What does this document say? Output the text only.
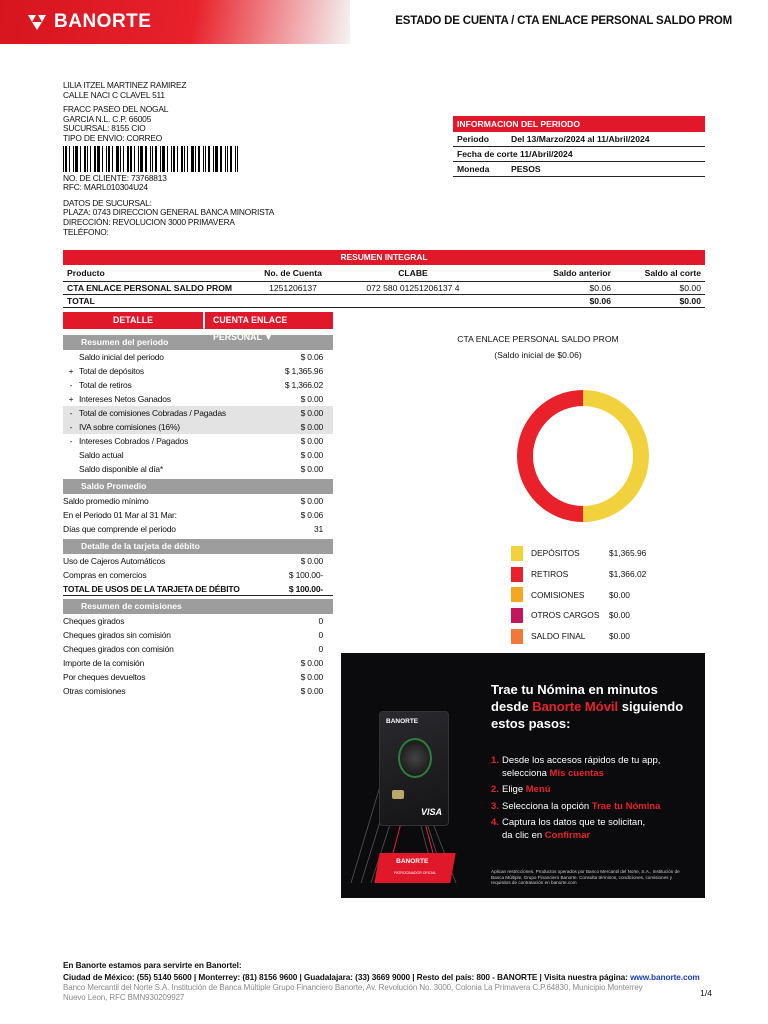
BANORTE	ESTADO DE CUENTA / CTA ENLACE PERSONAL SALDO PROM
LILIA ITZEL MARTINEZ RAMIREZ
CALLE NACI C CLAVEL 511
FRACC PASEO DEL NOGAL
GARCIA N.L. C.P. 66005
SUCURSAL: 8155 CIO
TIPO DE ENVIO: CORREO
NO. DE CLIENTE: 73768813
RFC: MARL010304U24
DATOS DE SUCURSAL:
PLAZA: 0743 DIRECCION GENERAL BANCA MINORISTA
DIRECCIÓN: REVOLUCION 3000 PRIMAVERA
TELÉFONO:
INFORMACION DEL PERIODO
Periodo	Del 13/Marzo/2024 al 11/Abril/2024
Fecha de corte 11/Abril/2024
Moneda	PESOS
RESUMEN INTEGRAL
Producto	No. de Cuenta	CLABE	Saldo anterior	Saldo al corte
CTA ENLACE PERSONAL SALDO PROM	1251206137	072 580 01251206137 4	$0.06	$0.00
TOTAL			$0.06	$0.00
DETALLE	CUENTA ENLACE PERSONAL ▼
Resumen del periodo
Saldo inicial del periodo	$ 0.06
+ Total de depósitos	$ 1,365.96
- Total de retiros	$ 1,366.02
+ Intereses Netos Ganados	$ 0.00
- Total de comisiones Cobradas / Pagadas	$ 0.00
- IVA sobre comisiones (16%)	$ 0.00
- Intereses Cobrados / Pagados	$ 0.00
Saldo actual	$ 0.00
Saldo disponible al día*	$ 0.00
Saldo Promedio
Saldo promedio mínimo	$ 0.00
En el Periodo 01 Mar al 31 Mar:	$ 0.06
Días que comprende el periodo	31
Detalle de la tarjeta de débito
Uso de Cajeros Automáticos	$ 0.00
Compras en comercios	$ 100.00-
TOTAL DE USOS DE LA TARJETA DE DÉBITO	$ 100.00-
Resumen de comisiones
Cheques girados	0
Cheques girados sin comisión	0
Cheques girados con comisión	0
Importe de la comisión	$ 0.00
Por cheques devueltos	$ 0.00
Otras comisiones	$ 0.00
CTA ENLACE PERSONAL SALDO PROM
(Saldo inicial de $0.06)
DEPÓSITOS	$1,365.96
RETIROS	$1,366.02
COMISIONES	$0.00
OTROS CARGOS	$0.00
SALDO FINAL	$0.00
BANORTE
VISA
BANORTE
PATROCINADOR OFICIAL
Trae tu Nómina en minutos
desde Banorte Móvil siguiendo
estos pasos:
1. Desde los accesos rápidos de tu app,
selecciona Mis cuentas
2. Elige Menú
3. Selecciona la opción Trae tu Nómina
4. Captura los datos que te solicitan,
da clic en Confirmar
Aplican restricciones. Productos operados por Banco Mercantil del Norte, S.A., Institución de Banca Múltiple, Grupo Financiero Banorte. Consulta términos, condiciones, comisiones y requisitos de contratación en banorte.com
En Banorte estamos para servirte en Banortel:
Ciudad de México: (55) 5140 5600 | Monterrey: (81) 8156 9600 | Guadalajara: (33) 3669 9000 | Resto del país: 800 - BANORTE | Visita nuestra página: www.banorte.com
Banco Mercantil del Norte S.A. Institución de Banca Múltiple Grupo Financiero Banorte, Av. Revolución No. 3000, Colonia La Primavera C.P.64830, Municipio Monterrey
Nuevo Leon, RFC BMN930209927	1/4
